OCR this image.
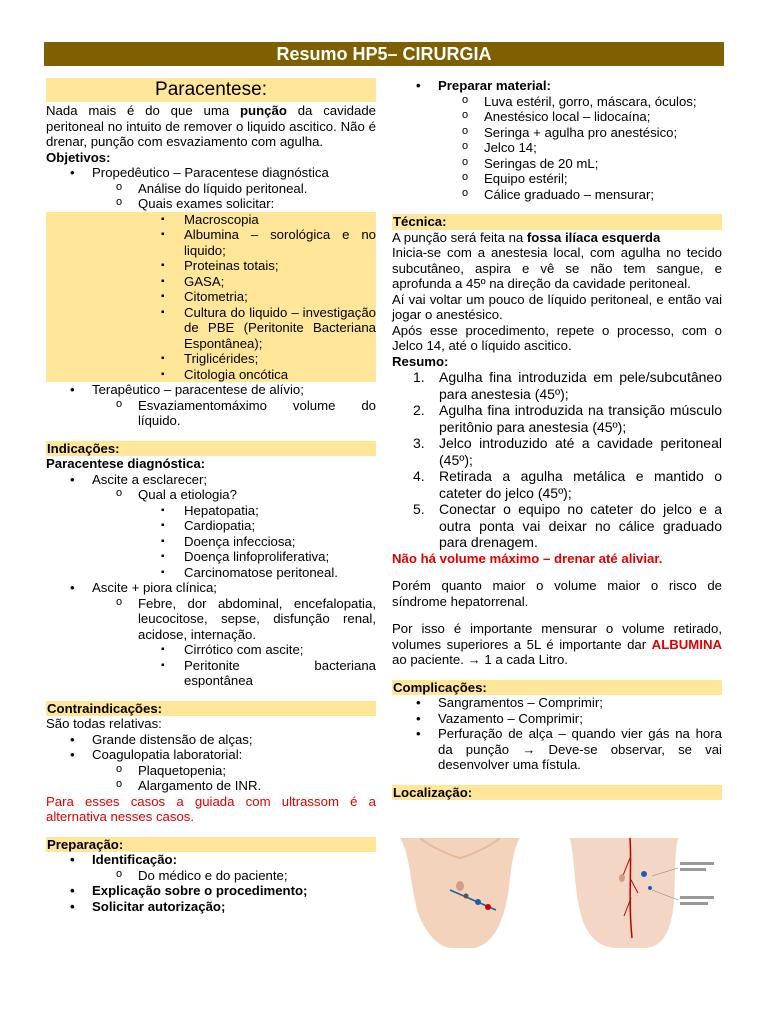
Resumo HP5– CIRURGIA
Paracentese:

Nada mais é do que uma punção da cavidade peritoneal no intuito de remover o liquido ascitico. Não é drenar, punção com esvaziamento com agulha.

Objetivos:
• Propedêutico – Paracentese diagnóstica
o Análise do líquido peritoneal.
o Quais exames solicitar:
▪ Macroscopia
▪ Albumina – sorológica e no liquido;
▪ Proteinas totais;
▪ GASA;
▪ Citometria;
▪ Cultura do liquido – investigação de PBE (Peritonite Bacteriana Espontânea);
▪ Triglicérides;
▪ Citologia oncótica
• Terapêutico – paracentese de alívio;
o Esvaziamentomáximo volume do líquido.
Indicações:
Paracentese diagnóstica:
• Ascite a esclarecer;
o Qual a etiologia?
▪ Hepatopatia;
▪ Cardiopatia;
▪ Doença infecciosa;
▪ Doença linfoproliferativa;
▪ Carcinomatose peritoneal.
• Ascite + piora clínica;
o Febre, dor abdominal, encefalopatia, leucocitose, sepse, disfunção renal, acidose, internação.
▪ Cirrótico com ascite;
▪ Peritonite bacteriana espontânea
Contraindicações:
São todas relativas:
• Grande distensão de alças;
• Coagulopatia laboratorial:
o Plaquetopenia;
o Alargamento de INR.

Para esses casos a guiada com ultrassom é a alternativa nesses casos.

Preparação:
• Identificação:
o Do médico e do paciente;
• Explicação sobre o procedimento;
• Solicitar autorização;
• Preparar material:
o Luva estéril, gorro, máscara, óculos;
o Anestésico local – lidocaína;
o Seringa + agulha pro anestésico;
o Jelco 14;
o Seringas de 20 mL;
o Equipo estéril;
o Cálice graduado – mensurar;
Técnica:

A punção será feita na fossa ilíaca esquerda

Inicia-se com a anestesia local, com agulha no tecido subcutâneo, aspira e vê se não tem sangue, e aprofunda a 45º na direção da cavidade peritoneal.

Aí vai voltar um pouco de líquido peritoneal, e então vai jogar o anestésico.

Após esse procedimento, repete o processo, com o Jelco 14, até o líquido ascitico.

Resumo:
1. Agulha fina introduzida em pele/subcutâneo para anestesia (45º);
2. Agulha fina introduzida na transição músculo peritônio para anestesia (45º);
3. Jelco introduzido até a cavidade peritoneal (45º);
4. Retirada a agulha metálica e mantido o cateter do jelco (45º);
5. Conectar o equipo no cateter do jelco e a outra ponta vai deixar no cálice graduado para drenagem.
Não há volume máximo – drenar até aliviar.

Porém quanto maior o volume maior o risco de síndrome hepatorrenal.

Por isso é importante mensurar o volume retirado, volumes superiores a 5L é importante dar ALBUMINA ao paciente. → 1 a cada Litro.

Complicações:
• Sangramentos – Comprimir;
• Vazamento – Comprimir;
• Perfuração de alça – quando vier gás na hora da punção → Deve-se observar, se vai desenvolver uma fístula.
Localização:
